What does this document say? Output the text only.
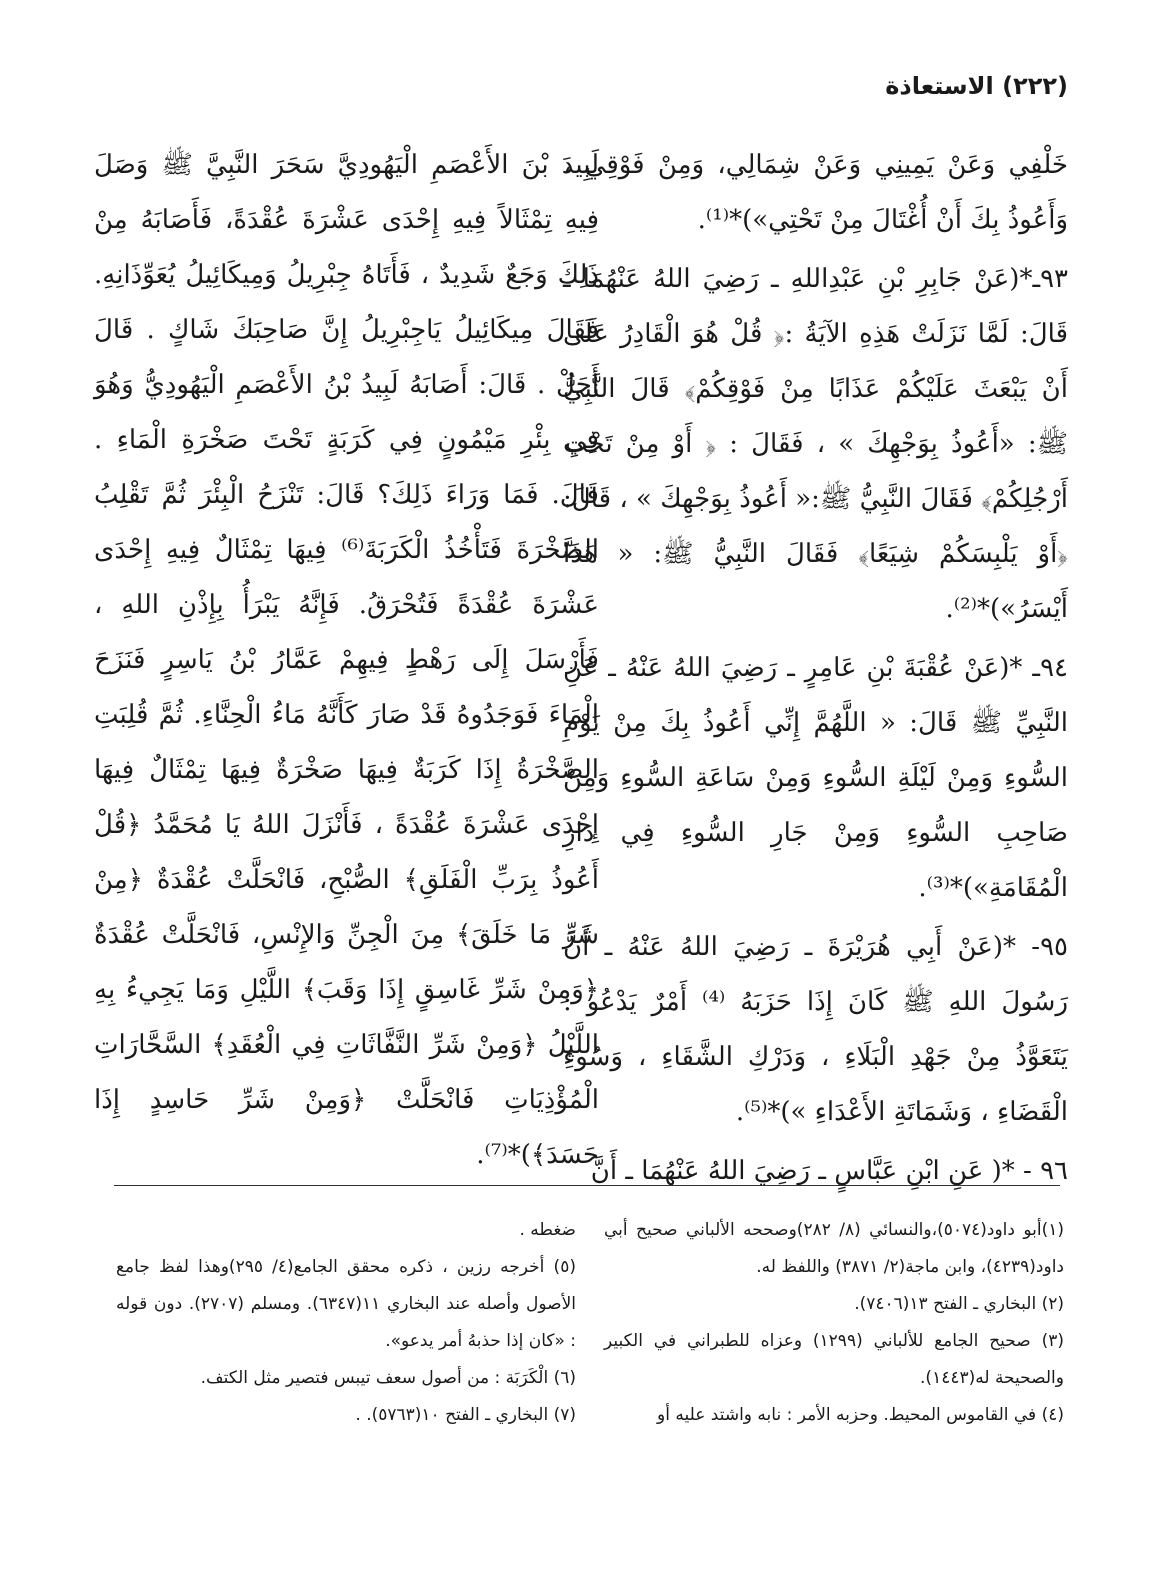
(٢٢٢) الاستعاذة

خَلْفِي وَعَنْ يَمِينِي وَعَنْ شِمَالِي، وَمِنْ فَوْقِي ، وَأَعُوذُ بِكَ أَنْ أُغْتَالَ مِنْ تَحْتِي»)*⁽¹⁾.

٩٣ـ*(عَنْ جَابِرِ بْنِ عَبْدِاللهِ ـ رَضِيَ اللهُ عَنْهُمَا ـ قَالَ: لَمَّا نَزَلَتْ هَذِهِ الآيَةُ :﴿ قُلْ هُوَ الْقَادِرُ عَلَى أَنْ يَبْعَثَ عَلَيْكُمْ عَذَابًا مِنْ فَوْقِكُمْ﴾ قَالَ النَّبِيُّ ﷺ: «أَعُوذُ بِوَجْهِكَ » ، فَقَالَ : ﴿ أَوْ مِنْ تَحْتِ أَرْجُلِكُمْ﴾ فَقَالَ النَّبِيُّ ﷺ:« أَعُوذُ بِوَجْهِكَ » ، قَالَ: ﴿أَوْ يَلْبِسَكُمْ شِيَعًا﴾ فَقَالَ النَّبِيُّ ﷺ: « هَذَا أَيْسَرُ»)*⁽²⁾.

٩٤ـ *(عَنْ عُقْبَةَ بْنِ عَامِرٍ ـ رَضِيَ اللهُ عَنْهُ ـ عَنِ النَّبِيِّ ﷺ قَالَ: « اللَّهُمَّ إِنِّي أَعُوذُ بِكَ مِنْ يَوْمِ السُّوءِ وَمِنْ لَيْلَةِ السُّوءِ وَمِنْ سَاعَةِ السُّوءِ وَمِنْ صَاحِبِ السُّوءِ وَمِنْ جَارِ السُّوءِ فِي دَارِ الْمُقَامَةِ»)*⁽³⁾.

٩٥- *(عَنْ أَبِي هُرَيْرَةَ ـ رَضِيَ اللهُ عَنْهُ ـ أَنَّ رَسُولَ اللهِ ﷺ كَانَ إِذَا حَزَبَهُ ⁽⁴⁾ أَمْرٌ يَدْعُو : يَتَعَوَّذُ مِنْ جَهْدِ الْبَلَاءِ ، وَدَرْكِ الشَّقَاءِ ، وَسُوءِ الْقَضَاءِ ، وَشَمَاتَةِ الأَعْدَاءِ »)*⁽⁵⁾.

٩٦ - *( عَنِ ابْنِ عَبَّاسٍ ـ رَضِيَ اللهُ عَنْهُمَا ـ أَنَّ

لَبِيدَ بْنَ الأَعْصَمِ الْيَهُودِيَّ سَحَرَ النَّبِيَّ ﷺ وَصَلَ فِيهِ تِمْثَالاً فِيهِ إِحْدَى عَشْرَةَ عُقْدَةً، فَأَصَابَهُ مِنْ ذَلِكَ وَجَعٌ شَدِيدٌ ، فَأَتَاهُ جِبْرِيلُ وَمِيكَائِيلُ يُعَوِّذَانِهِ. فَقَالَ مِيكَائِيلُ يَاجِبْرِيلُ إِنَّ صَاحِبَكَ شَاكٍ . قَالَ أَجَلْ . قَالَ: أَصَابَهُ لَبِيدُ بْنُ الأَعْصَمِ الْيَهُودِيُّ وَهُوَ فِي بِئْرِ مَيْمُونٍ فِي كَرَبَةٍ تَحْتَ صَخْرَةِ الْمَاءِ . قَالَ. فَمَا وَرَاءَ ذَلِكَ؟ قَالَ: تَنْزَحُ الْبِئْرَ ثُمَّ تَقْلِبُ الصَّخْرَةَ فَتَأْخُذُ الْكَرَبَةَ⁽⁶⁾ فِيهَا تِمْثَالٌ فِيهِ إِحْدَى عَشْرَةَ عُقْدَةً فَتُحْرَقُ. فَإِنَّهُ يَبْرَأُ بِإِذْنِ اللهِ ، فَأَرْسَلَ إِلَى رَهْطٍ فِيهِمْ عَمَّارُ بْنُ يَاسِرٍ فَنَزَحَ الْمَاءَ فَوَجَدُوهُ قَدْ صَارَ كَأَنَّهُ مَاءُ الْحِنَّاءِ. ثُمَّ قُلِبَتِ الصَّخْرَةُ إِذَا كَرَبَةٌ فِيهَا صَخْرَةٌ فِيهَا تِمْثَالٌ فِيهَا إِحْدَى عَشْرَةَ عُقْدَةً ، فَأَنْزَلَ اللهُ يَا مُحَمَّدُ ﴿قُلْ أَعُوذُ بِرَبِّ الْفَلَقِ﴾ الصُّبْحِ، فَانْحَلَّتْ عُقْدَةٌ ﴿مِنْ شَرِّ مَا خَلَقَ﴾ مِنَ الْجِنِّ وَالإِنْسِ، فَانْحَلَّتْ عُقْدَةٌ ﴿وَمِنْ شَرِّ غَاسِقٍ إِذَا وَقَبَ﴾ اللَّيْلِ وَمَا يَجِيءُ بِهِ اللَّيْلُ ﴿وَمِنْ شَرِّ النَّفَّاثَاتِ فِي الْعُقَدِ﴾ السَّحَّارَاتِ الْمُؤْذِيَاتِ فَانْحَلَّتْ ﴿وَمِنْ شَرِّ حَاسِدٍ إِذَا حَسَدَ﴾)*⁽⁷⁾.

(١)أبو داود(٥٠٧٤)،والنسائي (٨/ ٢٨٢)وصححه الألباني صحيح أبي داود(٤٢٣٩)، وابن ماجة(٢/ ٣٨٧١) واللفظ له.

(٢) البخاري ـ الفتح ١٣(٧٤٠٦).

(٣) صحيح الجامع للألباني (١٢٩٩) وعزاه للطبراني في الكبير والصحيحة له(١٤٤٣).

(٤) في القاموس المحيط. وحزبه الأمر : نابه واشتد عليه أو

ضغطه .

(٥) أخرجه رزين ، ذكره محقق الجامع(٤/ ٢٩٥)وهذا لفظ جامع الأصول وأصله عند البخاري ١١(٦٣٤٧). ومسلم (٢٧٠٧). دون قوله : «كان إذا حذبهُ أمر يدعو».

(٦) الْكَرَبَة : من أصول سعف تيبس فتصير مثل الكتف.

(٧) البخاري ـ الفتح ١٠(٥٧٦٣). .
